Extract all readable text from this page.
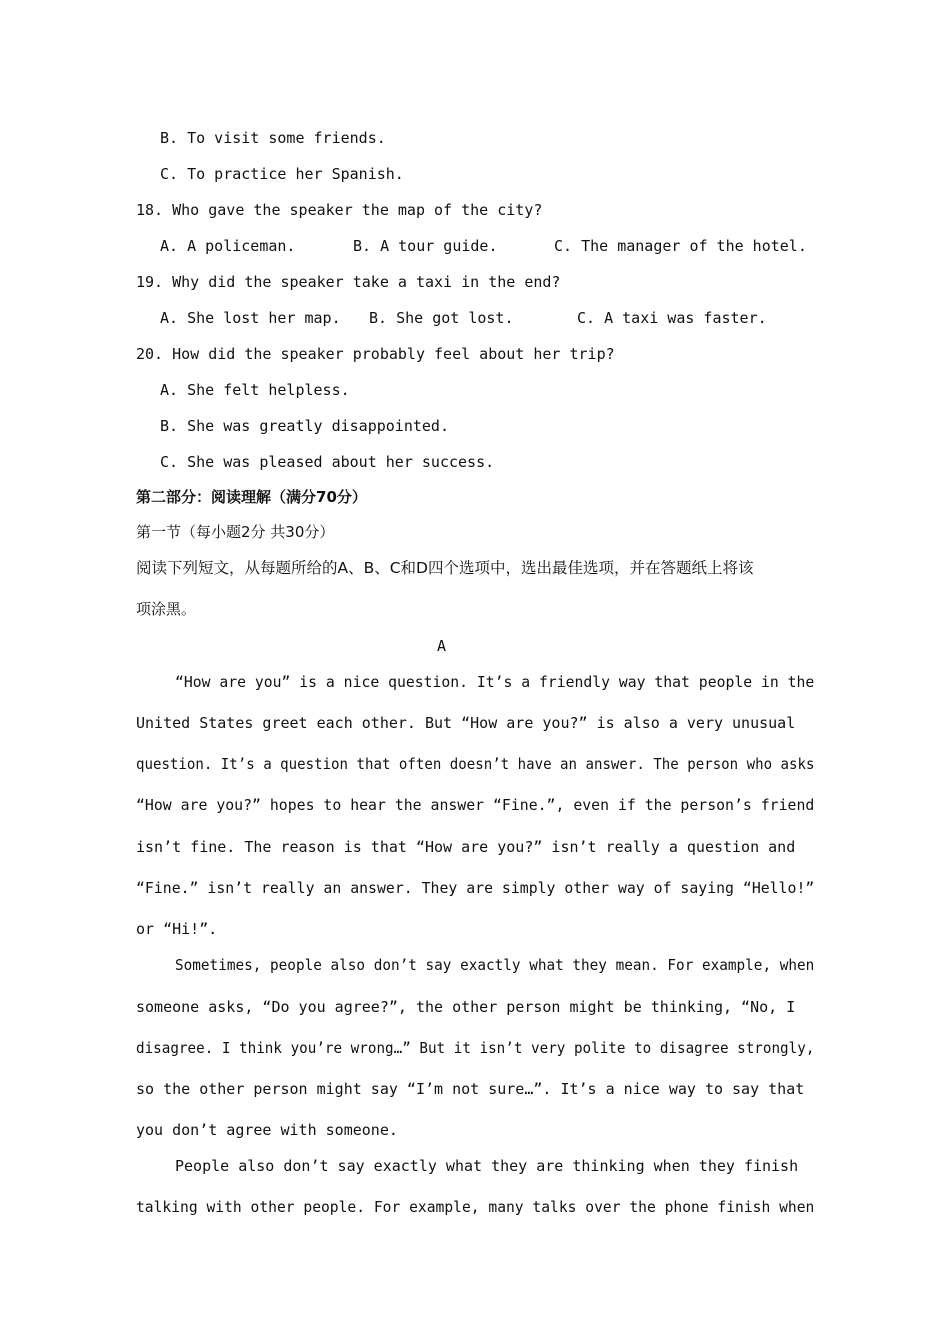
B. To visit some friends.
C. To practice her Spanish.
18. Who gave the speaker the map of the city?
A. A policeman.	B. A tour guide.	C. The manager of the hotel.
19. Why did the speaker take a taxi in the end?
A. She lost her map. B. She got lost.	C. A taxi was faster.
20. How did the speaker probably feel about her trip?
A. She felt helpless.
B. She was greatly disappointed.
C. She was pleased about her success.
第二部分：阅读理解（满分70分）
第一节（每小题2分 共30分）
阅读下列短文，从每题所给的A、B、C和D四个选项中，选出最佳选项，并在答题纸上将该
项涂黑。
A
“How are you” is a nice question. It’s a friendly way that people in the
United States greet each other. But “How are you?” is also a very unusual
question. It’s a question that often doesn’t have an answer. The person who asks
“How are you?” hopes to hear the answer “Fine.”, even if the person’s friend
isn’t fine. The reason is that “How are you?” isn’t really a question and
“Fine.” isn’t really an answer. They are simply other way of saying “Hello!”
or “Hi!”.
Sometimes, people also don’t say exactly what they mean. For example, when
someone asks, “Do you agree?”, the other person might be thinking, “No, I
disagree. I think you’re wrong…” But it isn’t very polite to disagree strongly,
so the other person might say “I’m not sure…”. It’s a nice way to say that
you don’t agree with someone.
People also don’t say exactly what they are thinking when they finish
talking with other people. For example, many talks over the phone finish when
